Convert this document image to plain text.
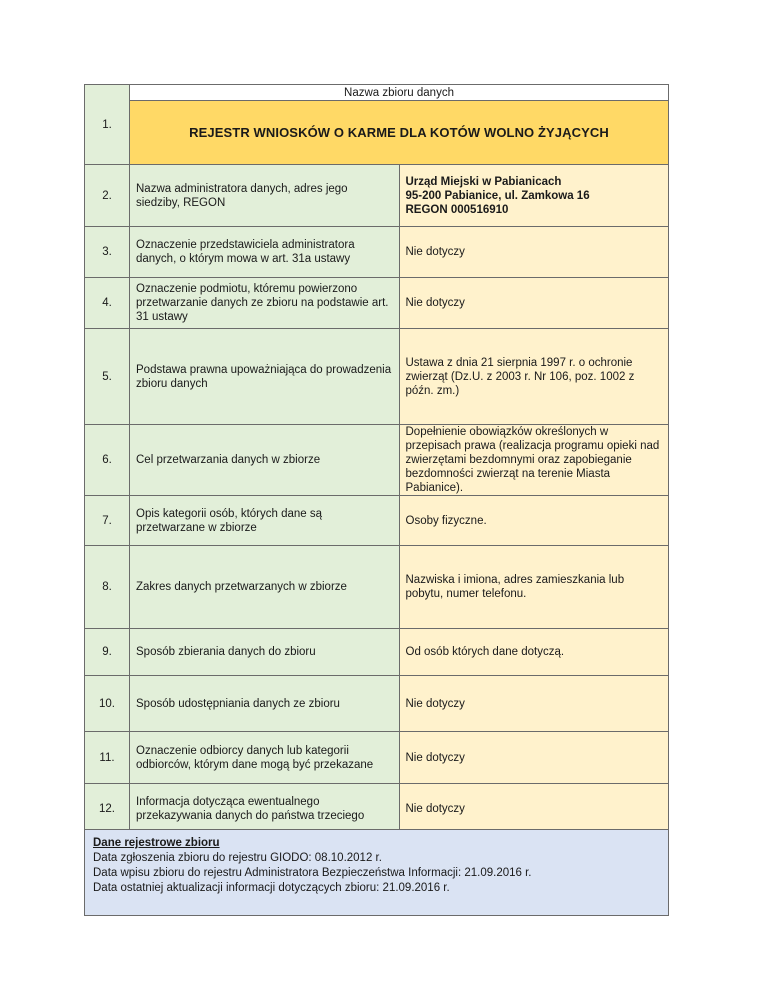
1.	Nazwa zbioru danych	
	REJESTR WNIOSKÓW O KARME DLA KOTÓW WOLNO ŻYJĄCYCH	
2.	Nazwa administratora danych, adres jego siedziby, REGON	Urząd Miejski w Pabianicach
95-200 Pabianice, ul. Zamkowa 16
REGON 000516910

3.	Oznaczenie przedstawiciela administratora danych, o którym mowa w art. 31a ustawy	Nie dotyczy
4.	Oznaczenie podmiotu, któremu powierzono przetwarzanie danych ze zbioru na podstawie art. 31 ustawy	Nie dotyczy
5.	Podstawa prawna upoważniająca do prowadzenia zbioru danych	Ustawa z dnia 21 sierpnia 1997 r. o ochronie zwierząt (Dz.U. z 2003 r. Nr 106, poz. 1002 z późn. zm.)
6.	Cel przetwarzania danych w zbiorze	Dopełnienie obowiązków określonych w przepisach prawa (realizacja programu opieki nad zwierzętami bezdomnymi oraz zapobieganie bezdomności zwierząt na terenie Miasta Pabianice).
7.	Opis kategorii osób, których dane są przetwarzane w zbiorze	Osoby fizyczne.
8.	Zakres danych przetwarzanych w zbiorze	Nazwiska i imiona, adres zamieszkania lub pobytu, numer telefonu.
9.	Sposób zbierania danych do zbioru	Od osób których dane dotyczą.
10.	Sposób udostępniania danych ze zbioru	Nie dotyczy
11.	Oznaczenie odbiorcy danych lub kategorii odbiorców, którym dane mogą być przekazane	Nie dotyczy
12.	Informacja dotycząca ewentualnego przekazywania danych do państwa trzeciego	Nie dotyczy
Dane rejestrowe zbioru
Data zgłoszenia zbioru do rejestru GIODO: 08.10.2012 r.
Data wpisu zbioru do rejestru Administratora Bezpieczeństwa Informacji: 21.09.2016 r.
Data ostatniej aktualizacji informacji dotyczących zbioru: 21.09.2016 r.
